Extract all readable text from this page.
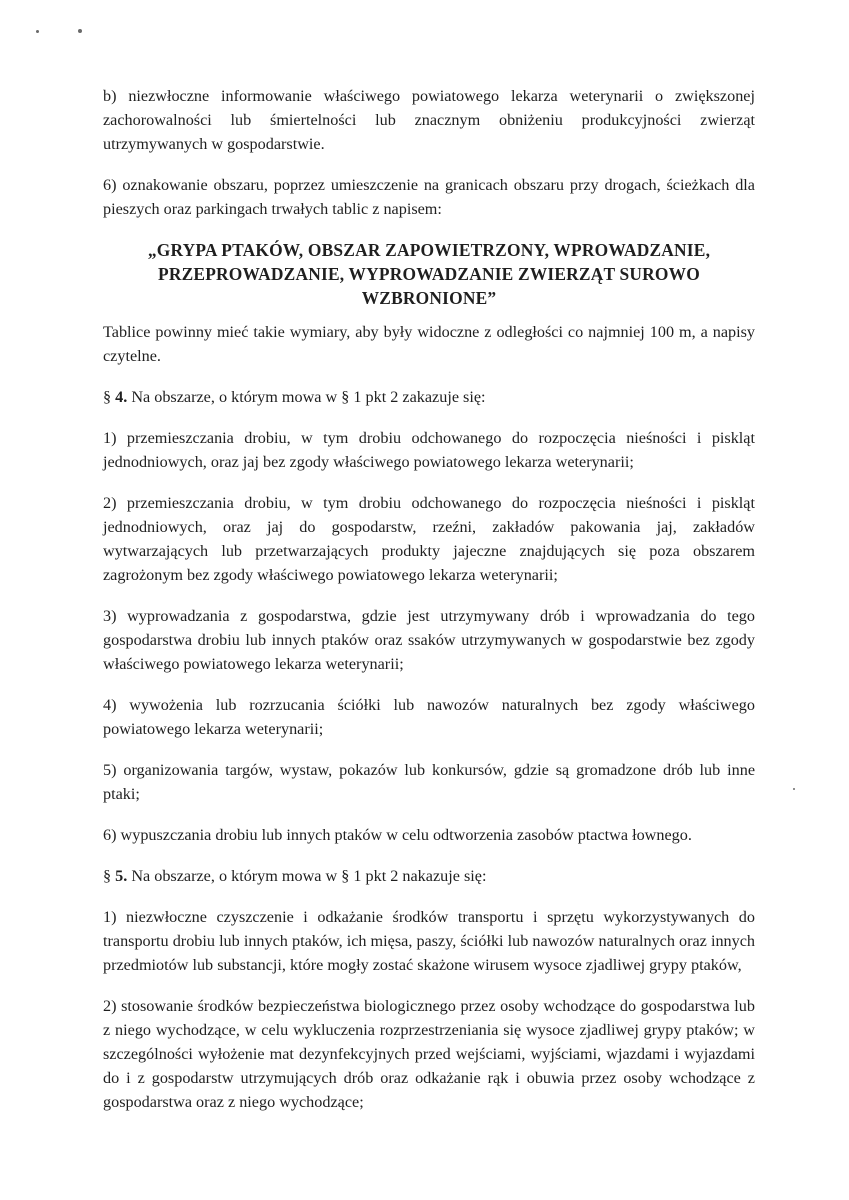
b) niezwłoczne informowanie właściwego powiatowego lekarza weterynarii o zwiększonej zachorowalności lub śmiertelności lub znacznym obniżeniu produkcyjności zwierząt utrzymywanych w gospodarstwie.

6) oznakowanie obszaru, poprzez umieszczenie na granicach obszaru przy drogach, ścieżkach dla pieszych oraz parkingach trwałych tablic z napisem:

„GRYPA PTAKÓW, OBSZAR ZAPOWIETRZONY, WPROWADZANIE, PRZEPROWADZANIE, WYPROWADZANIE ZWIERZĄT SUROWO WZBRONIONE”

Tablice powinny mieć takie wymiary, aby były widoczne z odległości co najmniej 100 m, a napisy czytelne.

§ 4. Na obszarze, o którym mowa w § 1 pkt 2 zakazuje się:

1) przemieszczania drobiu, w tym drobiu odchowanego do rozpoczęcia nieśności i piskląt jednodniowych, oraz jaj bez zgody właściwego powiatowego lekarza weterynarii;

2) przemieszczania drobiu, w tym drobiu odchowanego do rozpoczęcia nieśności i piskląt jednodniowych, oraz jaj do gospodarstw, rzeźni, zakładów pakowania jaj, zakładów wytwarzających lub przetwarzających produkty jajeczne znajdujących się poza obszarem zagrożonym bez zgody właściwego powiatowego lekarza weterynarii;

3) wyprowadzania z gospodarstwa, gdzie jest utrzymywany drób i wprowadzania do tego gospodarstwa drobiu lub innych ptaków oraz ssaków utrzymywanych w gospodarstwie bez zgody właściwego powiatowego lekarza weterynarii;

4) wywożenia lub rozrzucania ściółki lub nawozów naturalnych bez zgody właściwego powiatowego lekarza weterynarii;

5) organizowania targów, wystaw, pokazów lub konkursów, gdzie są gromadzone drób lub inne ptaki;

6) wypuszczania drobiu lub innych ptaków w celu odtworzenia zasobów ptactwa łownego.

§ 5. Na obszarze, o którym mowa w § 1 pkt 2 nakazuje się:

1) niezwłoczne czyszczenie i odkażanie środków transportu i sprzętu wykorzystywanych do transportu drobiu lub innych ptaków, ich mięsa, paszy, ściółki lub nawozów naturalnych oraz innych przedmiotów lub substancji, które mogły zostać skażone wirusem wysoce zjadliwej grypy ptaków,

2) stosowanie środków bezpieczeństwa biologicznego przez osoby wchodzące do gospodarstwa lub z niego wychodzące, w celu wykluczenia rozprzestrzeniania się wysoce zjadliwej grypy ptaków; w szczególności wyłożenie mat dezynfekcyjnych przed wejściami, wyjściami, wjazdami i wyjazdami do i z gospodarstw utrzymujących drób oraz odkażanie rąk i obuwia przez osoby wchodzące z gospodarstwa oraz z niego wychodzące;
